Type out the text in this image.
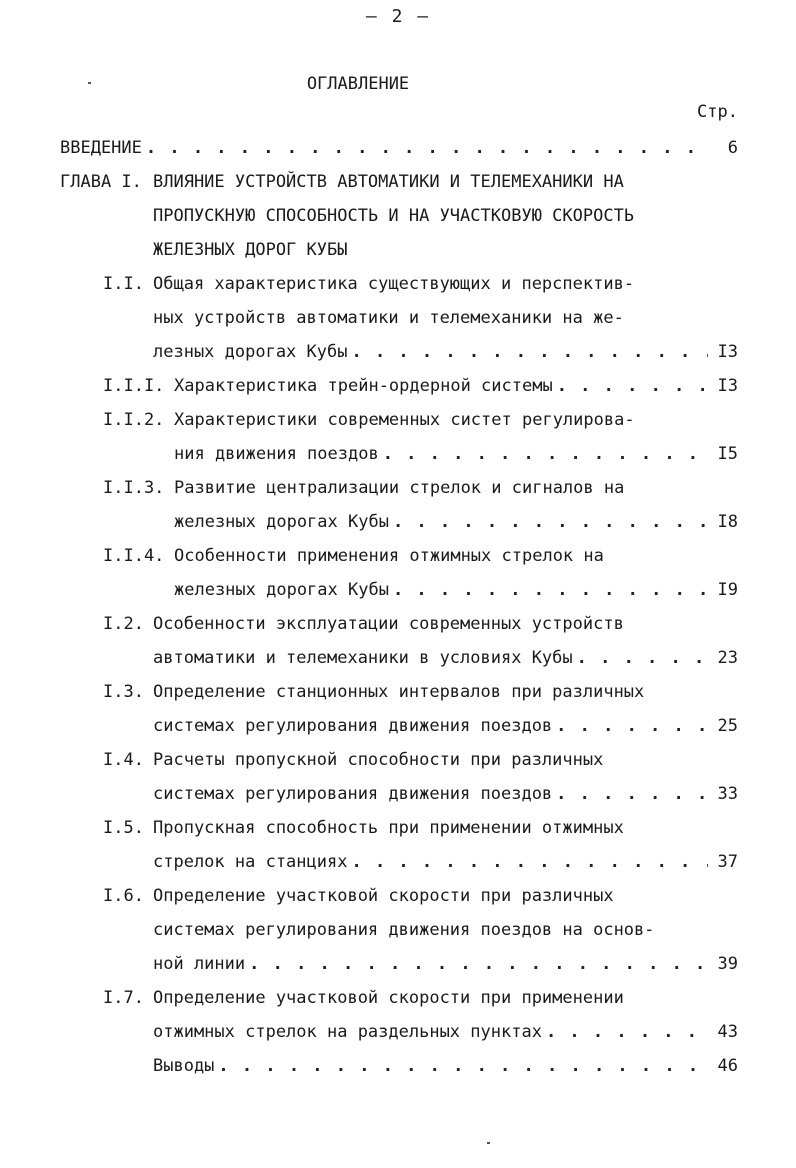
– 2 –
ОГЛАВЛЕНИЕ
Стр.
ВВЕДЕНИЕ . . .	6
ГЛАВА I. ВЛИЯНИЕ УСТРОЙСТВ АВТОМАТИКИ И ТЕЛЕМЕХАНИКИ НА
ПРОПУСКНУЮ СПОСОБНОСТЬ И НА УЧАСТКОВУЮ СКОРОСТЬ
ЖЕЛЕЗНЫХ ДОРОГ КУБЫ
I.I. Общая характеристика существующих и перспектив-
ных устройств автоматики и телемеханики на же-
лезных дорогах Кубы . . .	I3
I.I.I. Характеристика трейн-ордерной системы . . .	I3
I.I.2. Характеристики современных систет регулирова-
ния движения поездов . . .	I5
I.I.3. Развитие централизации стрелок и сигналов на
железных дорогах Кубы . . .	I8
I.I.4. Особенности применения отжимных стрелок на
железных дорогах Кубы . . .	I9
I.2. Особенности эксплуатации современных устройств
автоматики и телемеханики в условиях Кубы . . .	23
I.3. Определение станционных интервалов при различных
системах регулирования движения поездов . . .	25
I.4. Расчеты пропускной способности при различных
системах регулирования движения поездов . . .	33
I.5. Пропускная способность при применении отжимных
стрелок на станциях . . .	37
I.6. Определение участковой скорости при различных
системах регулирования движения поездов на основ-
ной линии . . .	39
I.7. Определение участковой скорости при применении
отжимных стрелок на раздельных пунктах . . .	43
Выводы . . .	46
